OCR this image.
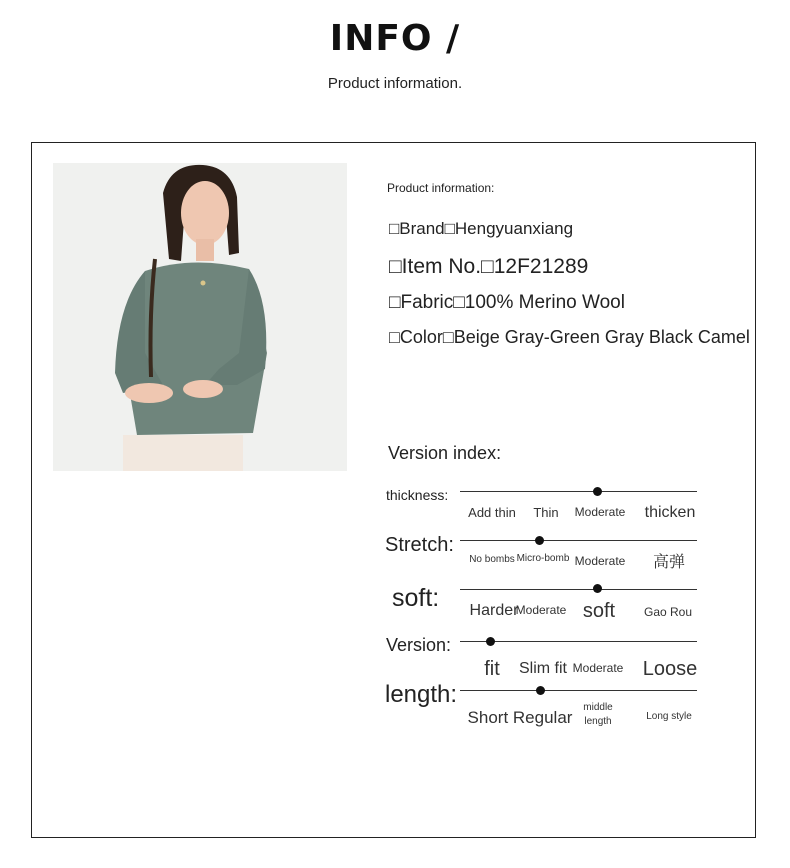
INFO /
Product information.
Product information:
□Brand□Hengyuanxiang
□Item No.□12F21289
□Fabric□100% Merino Wool
□Color□Beige Gray-Green Gray Black Camel
Version index:
thickness:
Add thin Thin Moderate thicken
Stretch:
No bombs Micro-bomb Moderate 高弹
soft: Harder
Moderate soft Gao Rou
Version:
fit Slim fit Moderate Loose
length:
Short Regular
middle length	Long style
